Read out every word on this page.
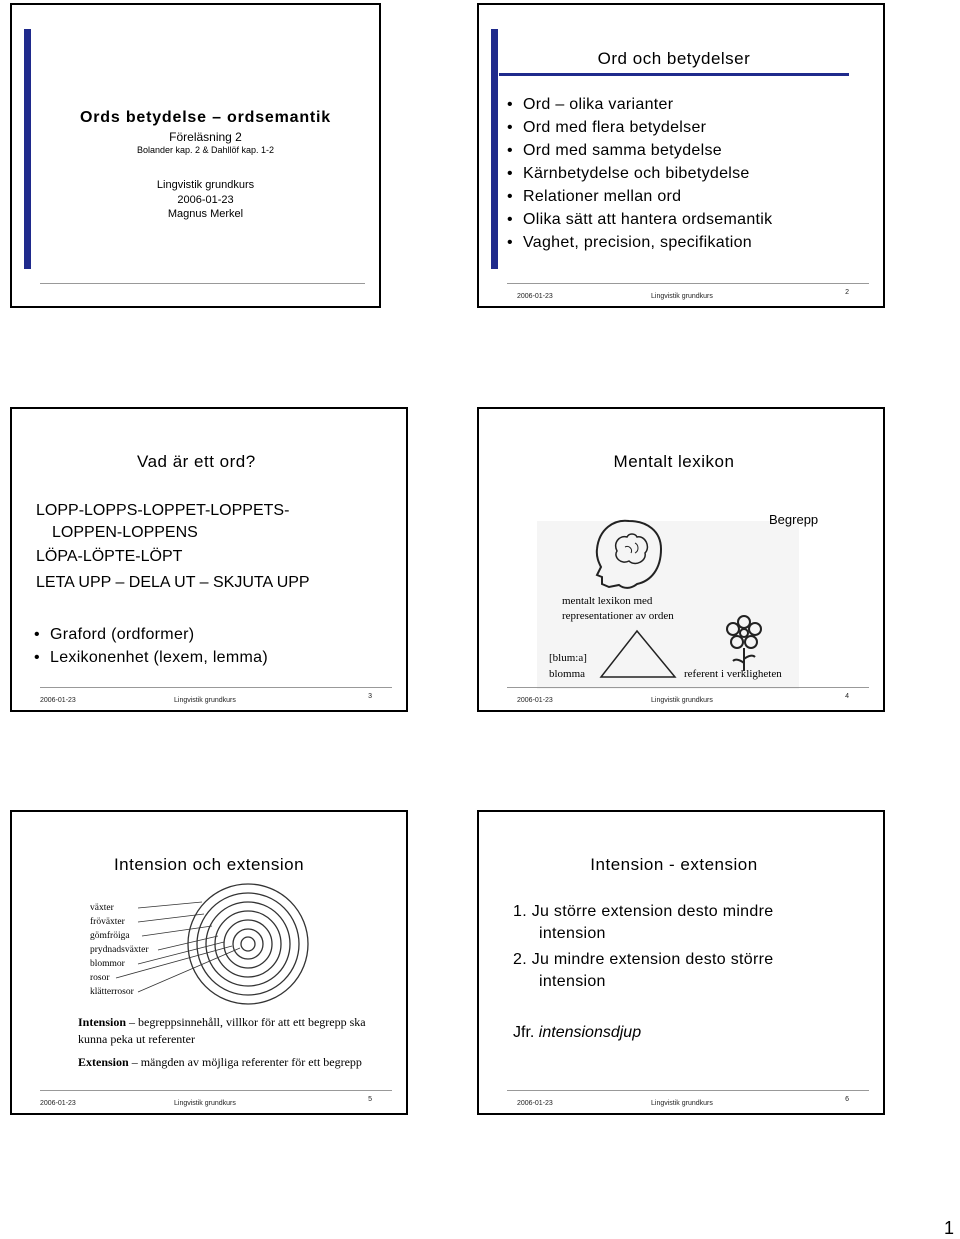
Ords betydelse – ordsemantik
Föreläsning 2
Bolander kap. 2 & Dahllöf kap. 1-2
Lingvistik grundkurs
2006-01-23
Magnus Merkel
Ord och betydelser
• Ord – olika varianter
• Ord med flera betydelser
• Ord med samma betydelse
• Kärnbetydelse och bibetydelse
• Relationer mellan ord
• Olika sätt att hantera ordsemantik
• Vaghet, precision, specifikation
2006-01-23	Lingvistik grundkurs
2
Vad är ett ord?
LOPP-LOPPS-LOPPET-LOPPETS-
LOPPEN-LOPPENS
LÖPA-LÖPTE-LÖPT
LETA UPP – DELA UT – SKJUTA UPP
• Graford (ordformer)
• Lexikonenhet (lexem, lemma)
2006-01-23	Lingvistik grundkurs
3
Mentalt lexikon
Begrepp
mentalt lexikon med
representationer av orden
[blum:a]
blomma	referent i verkligheten
2006-01-23	Lingvistik grundkurs
4
Intension och extension
växter
fröväxter
gömfröiga
prydnadsväxter
blommor
rosor
klätterrosor
Intension – begreppsinnehåll, villkor för att ett begrepp ska kunna peka ut referenter
Extension – mängden av möjliga referenter för ett begrepp
2006-01-23	Lingvistik grundkurs
5
Intension - extension
1. Ju större extension desto mindre
intension
2. Ju mindre extension desto större
intension
Jfr. intensionsdjup
2006-01-23	Lingvistik grundkurs
6
1
